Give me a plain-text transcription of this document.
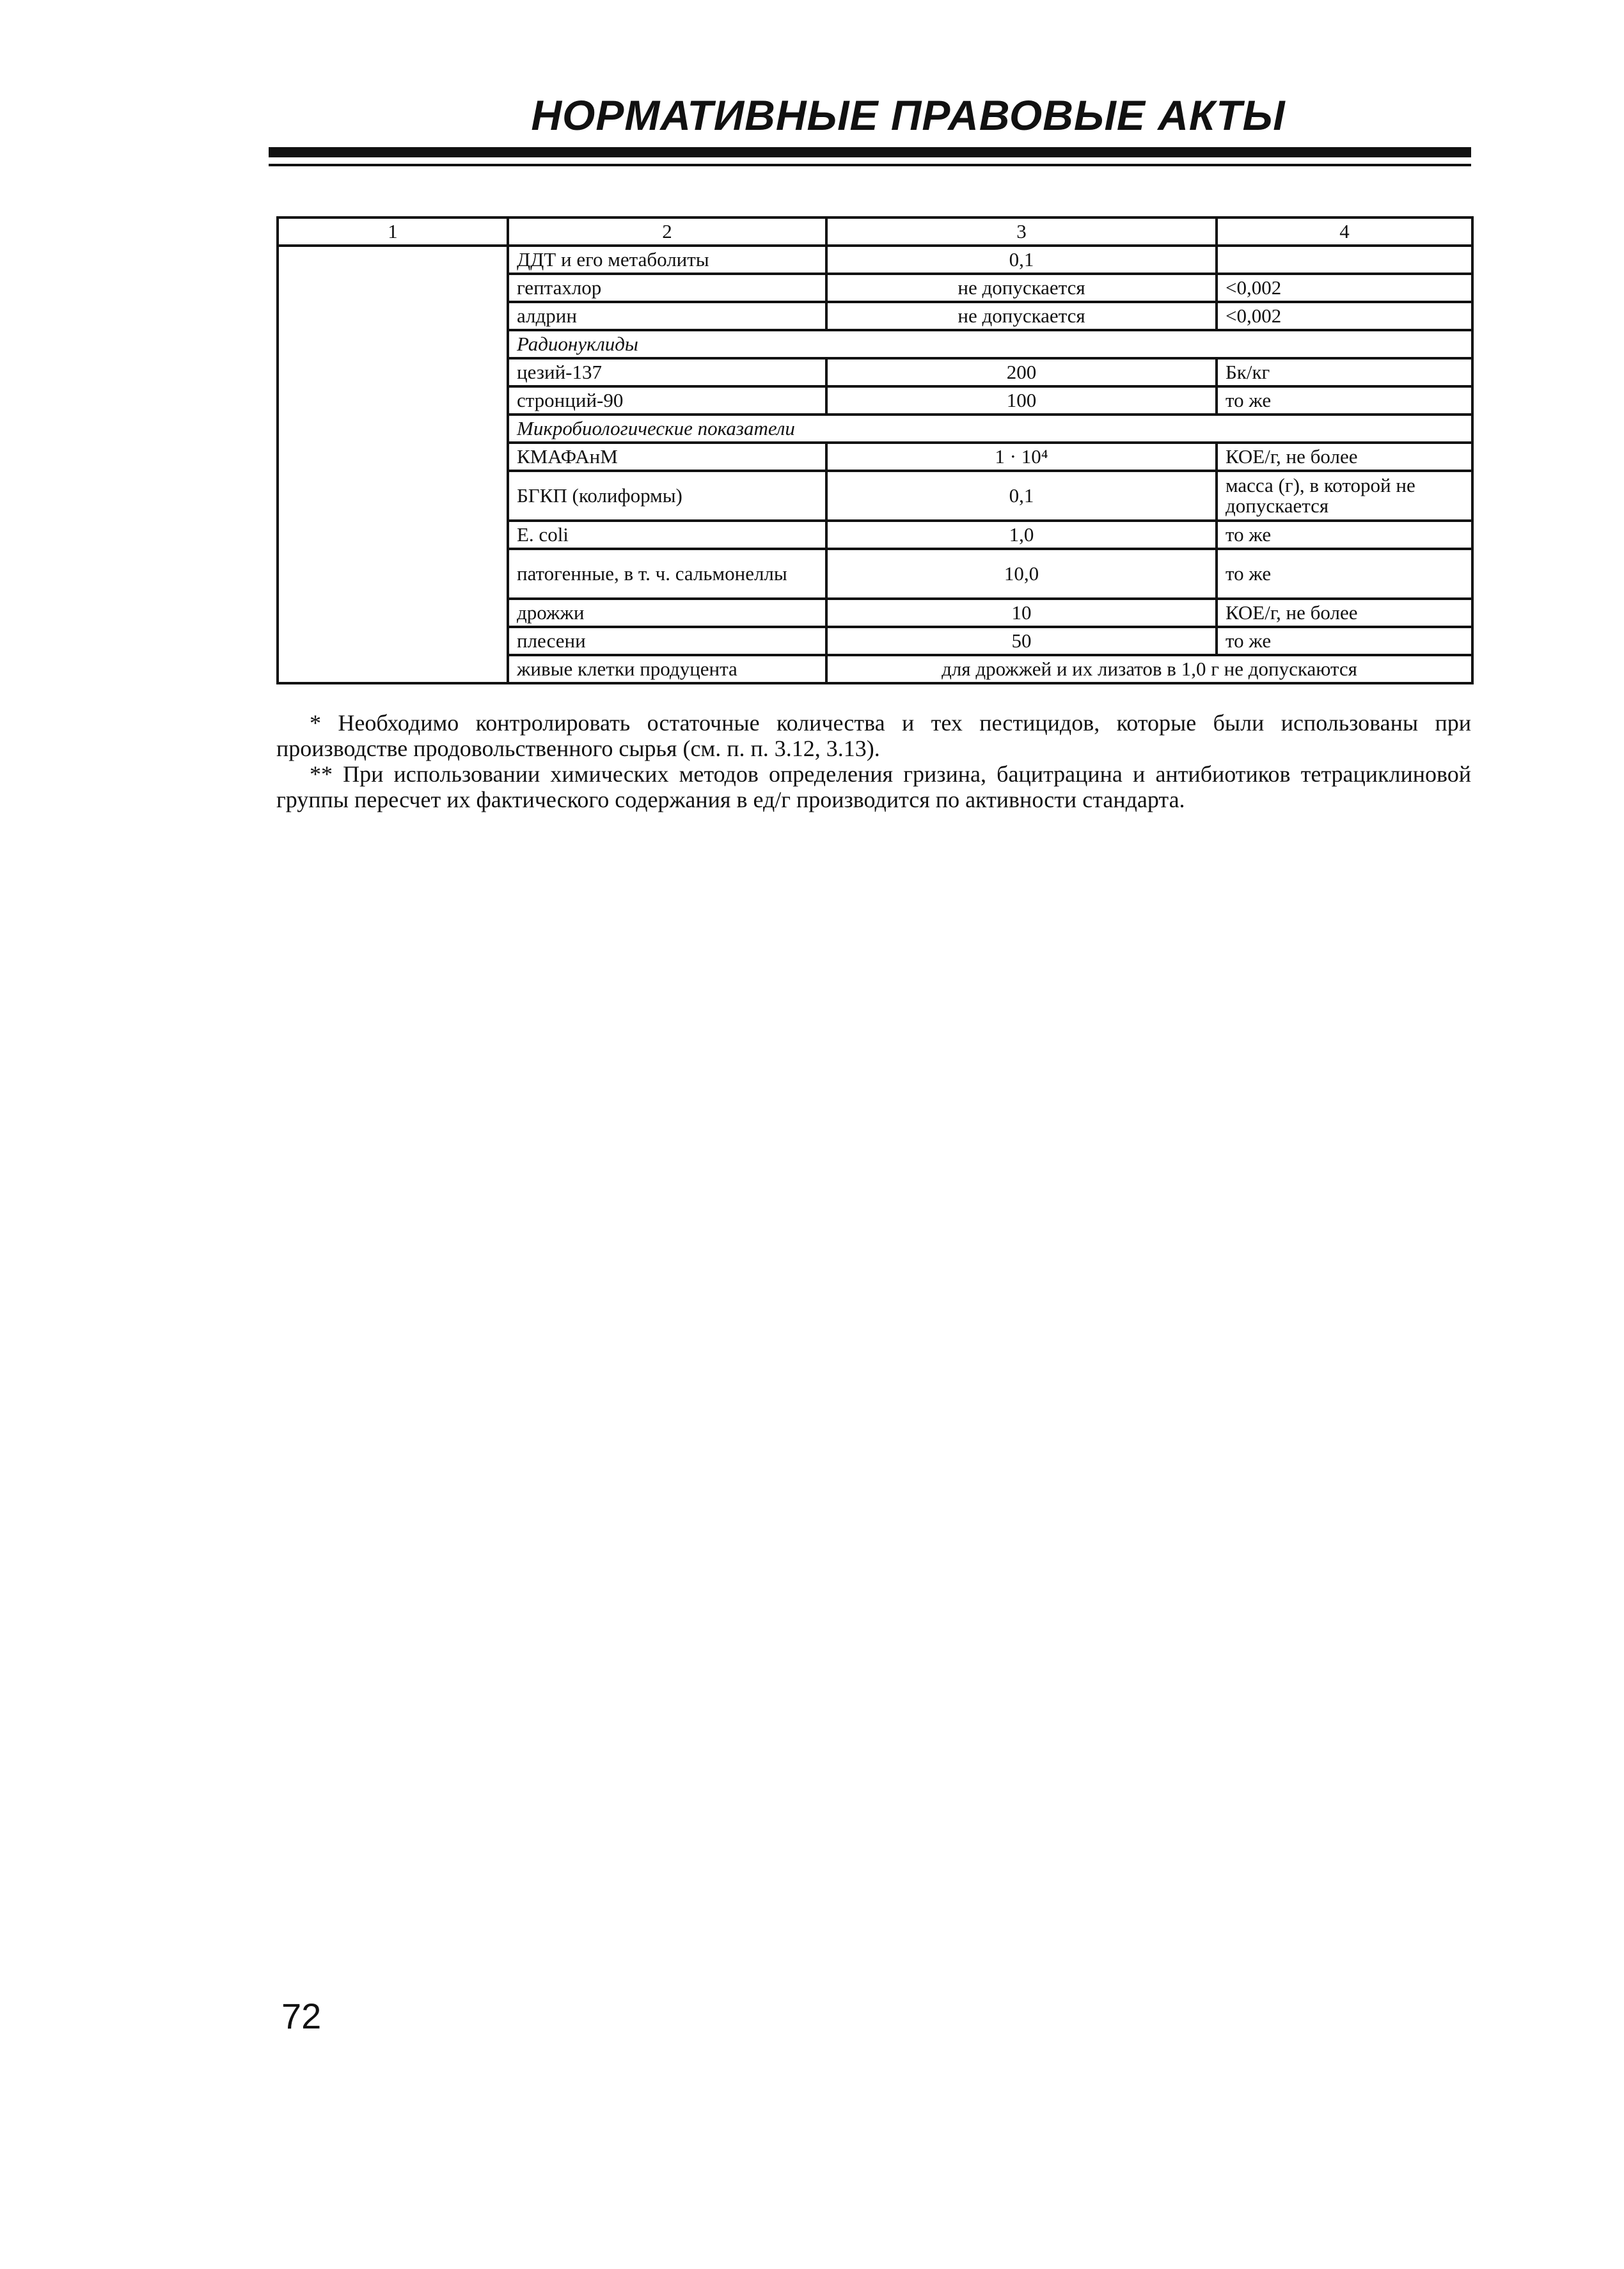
НОРМАТИВНЫЕ ПРАВОВЫЕ АКТЫ
1	2	3	4
	ДДТ и его метаболиты	0,1	
	гептахлор	не допускается	<0,002
	алдрин	не допускается	<0,002
	Радионуклиды		
	цезий-137	200	Бк/кг
	стронций-90	100	то же
	Микробиологические показатели		
	КМАФАнМ	1 · 10⁴	КОЕ/г, не более
	БГКП (колиформы)	0,1	масса (г), в которой не допускается
	E. coli	1,0	то же
	патогенные, в т. ч. сальмонеллы	10,0	то же
	дрожжи	10	КОЕ/г, не более
	плесени	50	то же
	живые клетки продуцента	для дрожжей и их лизатов в 1,0 г не допускаются	

* Необходимо контролировать остаточные количества и тех пестицидов, которые были использованы при производстве продовольственного сырья (см. п. п. 3.12, 3.13).

** При использовании химических методов определения гризина, бацитрацина и антибиотиков тетрациклиновой группы пересчет их фактического содержания в ед/г производится по активности стандарта.

72
